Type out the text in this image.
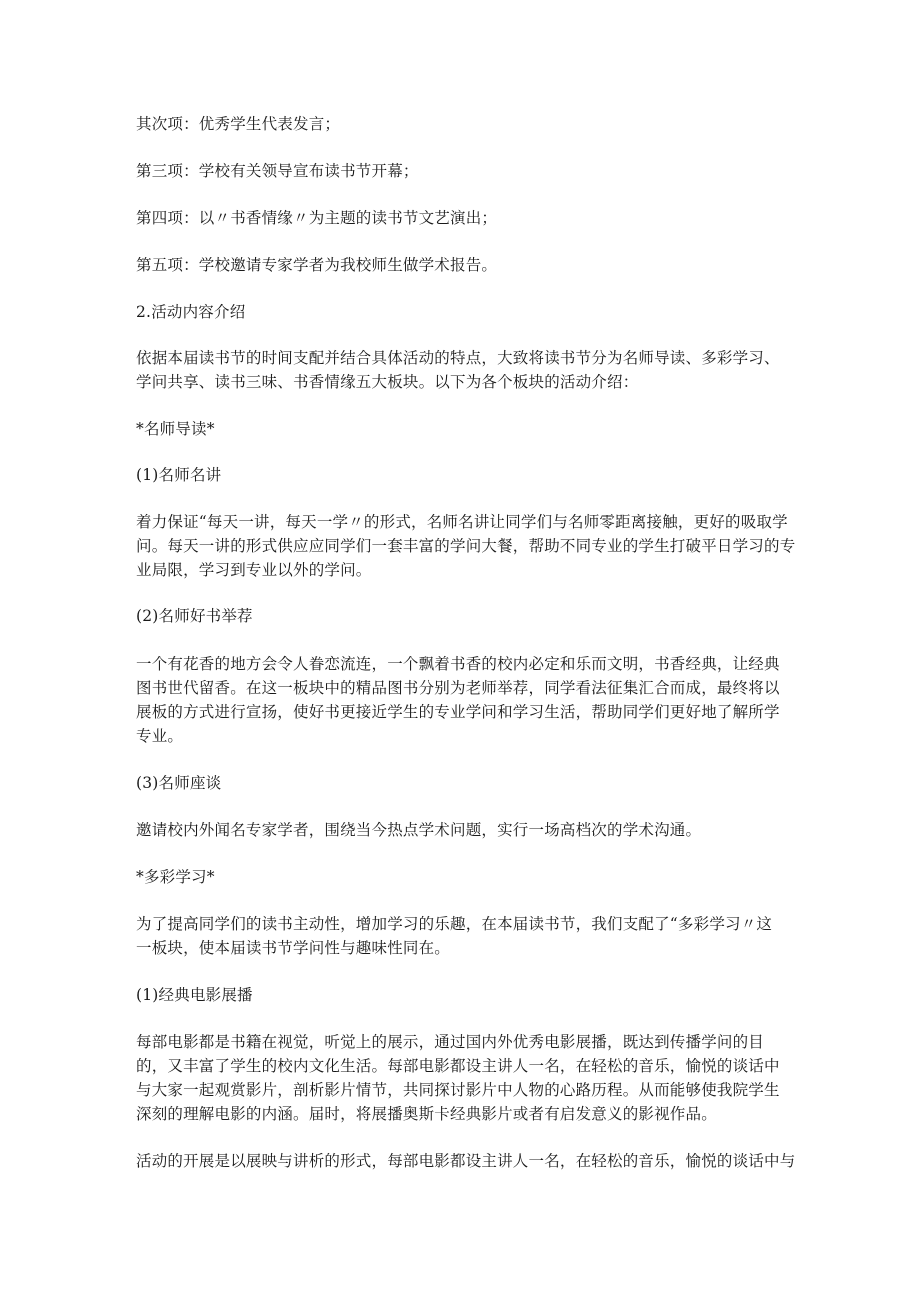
其次项：优秀学生代表发言；
第三项：学校有关领导宣布读书节开幕；
第四项：以〃书香情缘〃为主题的读书节文艺演出；
第五项：学校邀请专家学者为我校师生做学术报告。
2.活动内容介绍
依据本届读书节的时间支配并结合具体活动的特点，大致将读书节分为名师导读、多彩学习、
学问共享、读书三味、书香情缘五大板块。以下为各个板块的活动介绍：
*名师导读*
(1)名师名讲
着力保证“每天一讲，每天一学〃的形式，名师名讲让同学们与名师零距离接触，更好的吸取学
问。每天一讲的形式供应应同学们一套丰富的学问大餐，帮助不同专业的学生打破平日学习的专
业局限，学习到专业以外的学问。
(2)名师好书举荐
一个有花香的地方会令人眷恋流连，一个飘着书香的校内必定和乐而文明，书香经典，让经典
图书世代留香。在这一板块中的精品图书分别为老师举荐，同学看法征集汇合而成，最终将以
展板的方式进行宣扬，使好书更接近学生的专业学问和学习生活，帮助同学们更好地了解所学
专业。
(3)名师座谈
邀请校内外闻名专家学者，围绕当今热点学术问题，实行一场高档次的学术沟通。
*多彩学习*
为了提高同学们的读书主动性，增加学习的乐趣，在本届读书节，我们支配了“多彩学习〃这
一板块，使本届读书节学问性与趣味性同在。
(1)经典电影展播
每部电影都是书籍在视觉，听觉上的展示，通过国内外优秀电影展播，既达到传播学问的目
的，又丰富了学生的校内文化生活。每部电影都设主讲人一名，在轻松的音乐，愉悦的谈话中
与大家一起观赏影片，剖析影片情节，共同探讨影片中人物的心路历程。从而能够使我院学生
深刻的理解电影的内涵。届时，将展播奥斯卡经典影片或者有启发意义的影视作品。
活动的开展是以展映与讲析的形式，每部电影都设主讲人一名，在轻松的音乐，愉悦的谈话中与
